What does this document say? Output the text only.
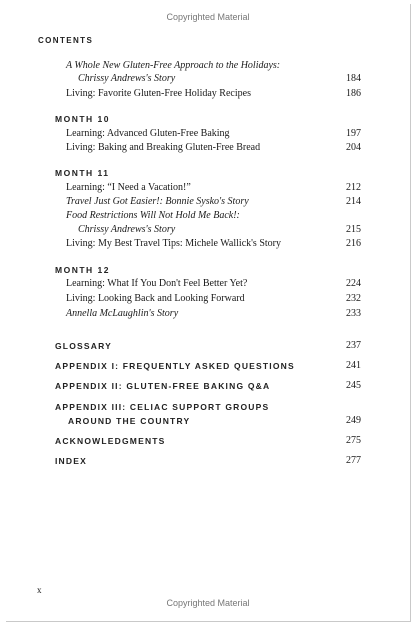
Copyrighted Material
CONTENTS
A Whole New Gluten-Free Approach to the Holidays:
Chrissy Andrews's Story	184
Living: Favorite Gluten-Free Holiday Recipes	186
MONTH 10
Learning: Advanced Gluten-Free Baking	197
Living: Baking and Breaking Gluten-Free Bread	204
MONTH 11
Learning: “I Need a Vacation!”	212
Travel Just Got Easier!: Bonnie Sysko's Story	214
Food Restrictions Will Not Hold Me Back!:
Chrissy Andrews's Story	215
Living: My Best Travel Tips: Michele Wallick's Story	216
MONTH 12
Learning: What If You Don't Feel Better Yet?	224
Living: Looking Back and Looking Forward	232
Annella McLaughlin's Story	233
GLOSSARY	237
APPENDIX I: FREQUENTLY ASKED QUESTIONS	241
APPENDIX II: GLUTEN-FREE BAKING Q&A	245
APPENDIX III: CELIAC SUPPORT GROUPS
AROUND THE COUNTRY	249
ACKNOWLEDGMENTS	275
INDEX	277
x
Copyrighted Material
